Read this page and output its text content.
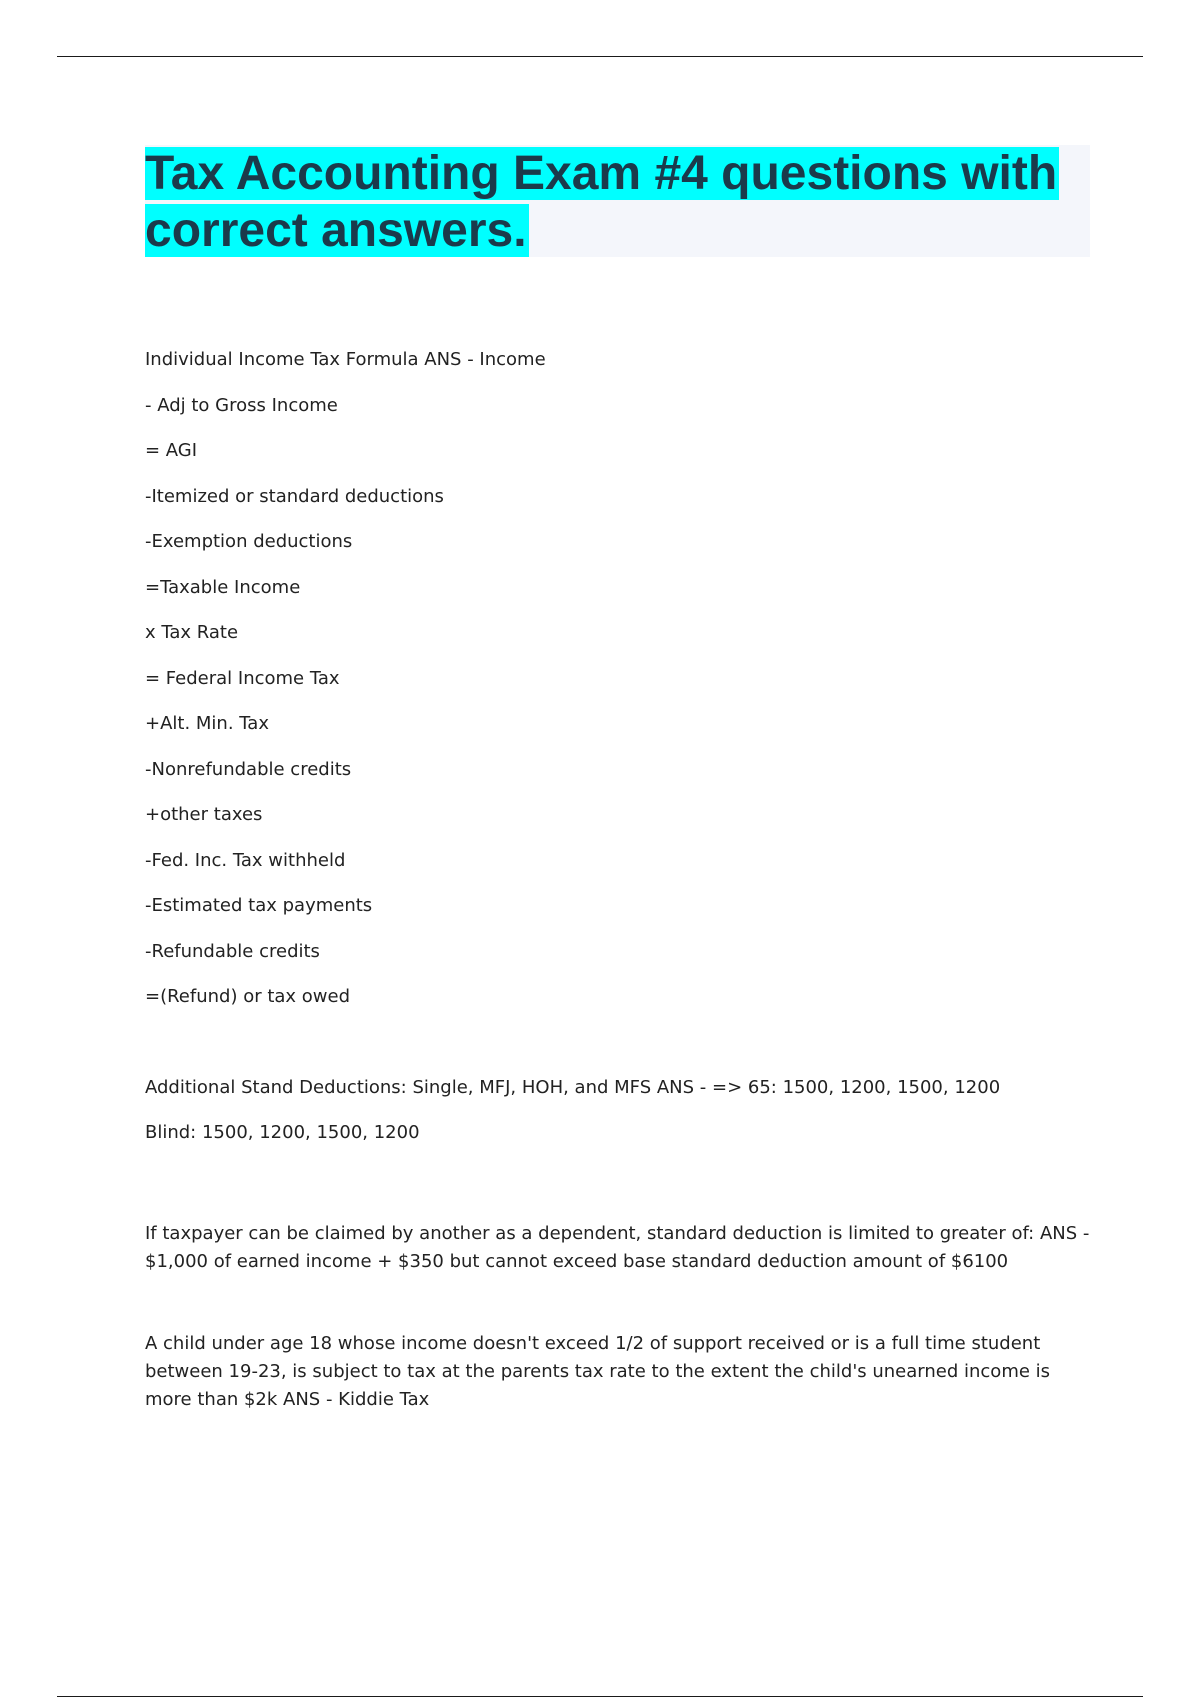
Tax Accounting Exam #4 questions with correct answers.
Individual Income Tax Formula ANS - Income
- Adj to Gross Income
= AGI
-Itemized or standard deductions
-Exemption deductions
=Taxable Income
x Tax Rate
= Federal Income Tax
+Alt. Min. Tax
-Nonrefundable credits
+other taxes
-Fed. Inc. Tax withheld
-Estimated tax payments
-Refundable credits
=(Refund) or tax owed
Additional Stand Deductions: Single, MFJ, HOH, and MFS ANS - => 65: 1500, 1200, 1500, 1200
Blind: 1500, 1200, 1500, 1200
If taxpayer can be claimed by another as a dependent, standard deduction is limited to greater of: ANS - $1,000 of earned income + $350 but cannot exceed base standard deduction amount of $6100
A child under age 18 whose income doesn't exceed 1/2 of support received or is a full time student between 19-23, is subject to tax at the parents tax rate to the extent the child's unearned income is more than $2k ANS - Kiddie Tax
